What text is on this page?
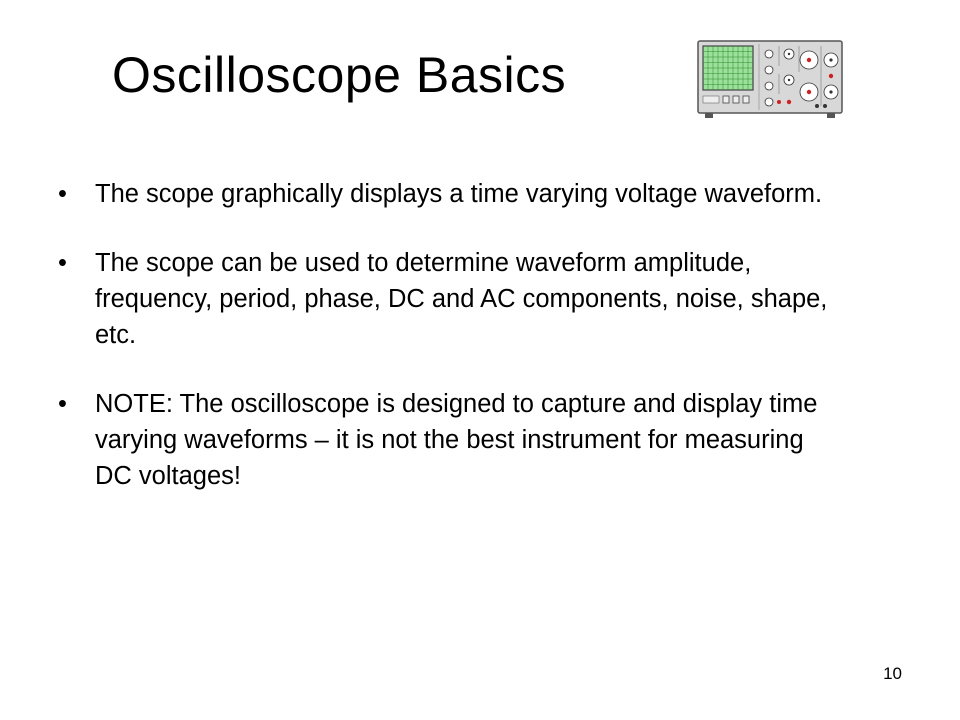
Oscilloscope Basics
• The scope graphically displays a time varying voltage waveform.
• The scope can be used to determine waveform amplitude, frequency, period, phase, DC and AC components, noise, shape, etc.
• NOTE: The oscilloscope is designed to capture and display time varying waveforms – it is not the best instrument for measuring DC voltages!
10
